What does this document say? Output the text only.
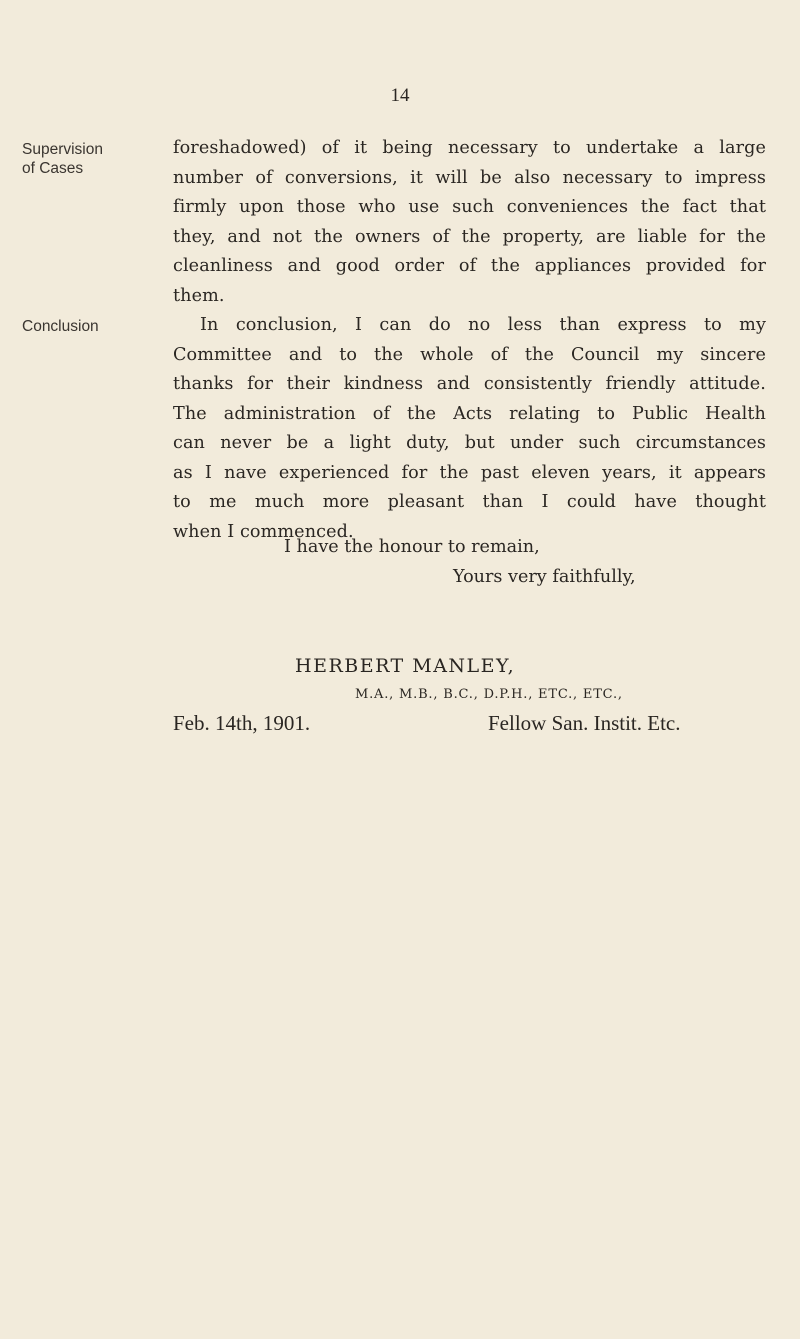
14
Supervision
of Cases
Conclusion
foreshadowed) of it being necessary to undertake a large
number of conversions, it will be also necessary to impress
firmly upon those who use such conveniences the fact that
they, and not the owners of the property, are liable for the
cleanliness and good order of the appliances provided for
them.
In conclusion, I can do no less than express to my
Committee and to the whole of the Council my sincere
thanks for their kindness and consistently friendly attitude.
The administration of the Acts relating to Public Health
can never be a light duty, but under such circumstances
as I nave experienced for the past eleven years, it appears
to me much more pleasant than I could have thought
when I commenced.
I have the honour to remain,
Yours very faithfully,
HERBERT MANLEY,
M.A., M.B., B.C., D.P.H., ETC., ETC.,
Feb. 14th, 1901.	Fellow San. Instit. Etc.
